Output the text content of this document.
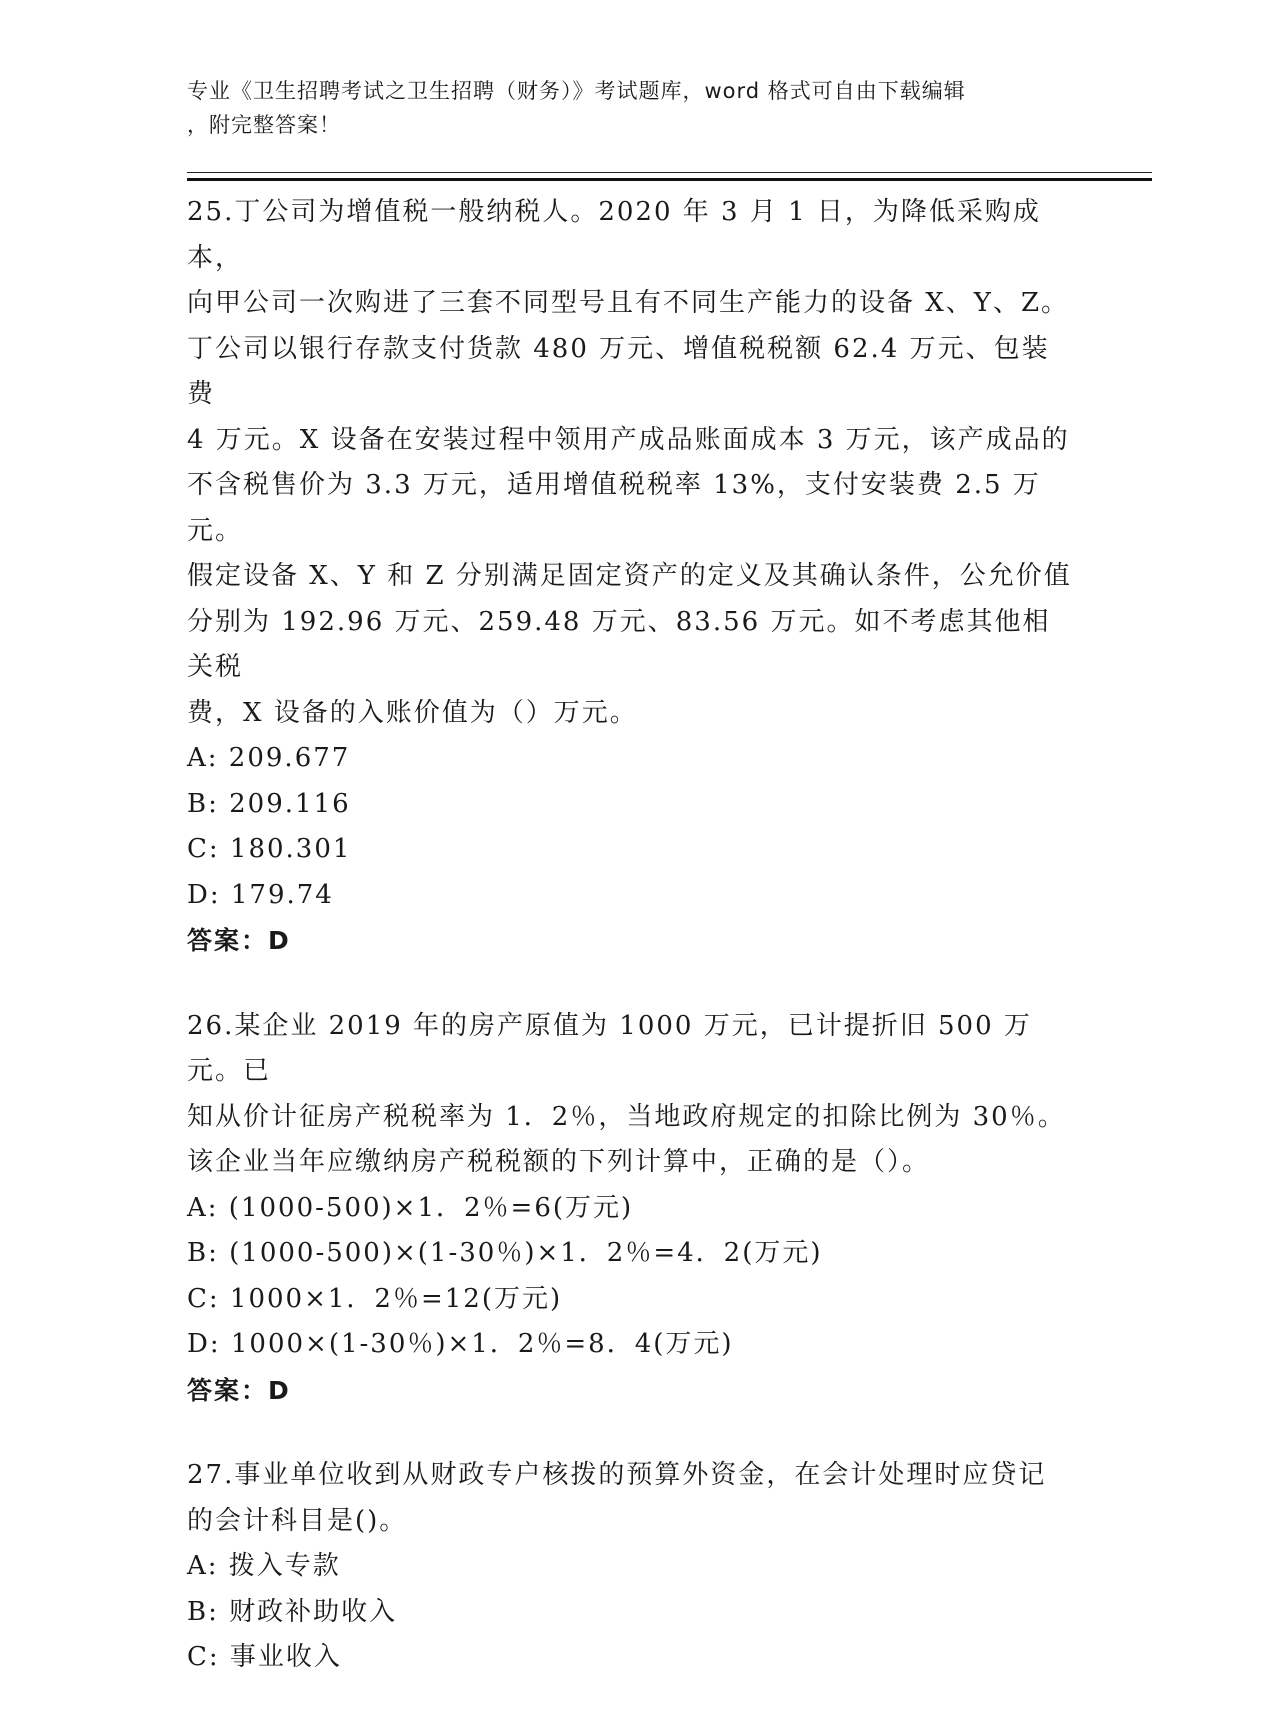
专业《卫生招聘考试之卫生招聘（财务）》考试题库，word 格式可自由下载编辑
，附完整答案！

25.丁公司为增值税一般纳税人。2020 年 3 月 1 日，为降低采购成本，

向甲公司一次购进了三套不同型号且有不同生产能力的设备 X、Y、Z。

丁公司以银行存款支付货款 480 万元、增值税税额 62.4 万元、包装费

4 万元。X 设备在安装过程中领用产成品账面成本 3 万元，该产成品的

不含税售价为 3.3 万元，适用增值税税率 13%，支付安装费 2.5 万元。

假定设备 X、Y 和 Z 分别满足固定资产的定义及其确认条件，公允价值

分别为 192.96 万元、259.48 万元、83.56 万元。如不考虑其他相关税

费，X 设备的入账价值为（）万元。

A: 209.677

B: 209.116

C: 180.301

D: 179.74

答案：D

26.某企业 2019 年的房产原值为 1000 万元，已计提折旧 500 万元。已

知从价计征房产税税率为 1．2％，当地政府规定的扣除比例为 30％。

该企业当年应缴纳房产税税额的下列计算中，正确的是（）。

A: (1000-500)×1．2％=6(万元)

B: (1000-500)×(1-30％)×1．2％=4．2(万元)

C: 1000×1．2％=12(万元)

D: 1000×(1-30％)×1．2％=8．4(万元)

答案：D

27.事业单位收到从财政专户核拨的预算外资金，在会计处理时应贷记

的会计科目是()。

A: 拨入专款

B: 财政补助收入

C: 事业收入
